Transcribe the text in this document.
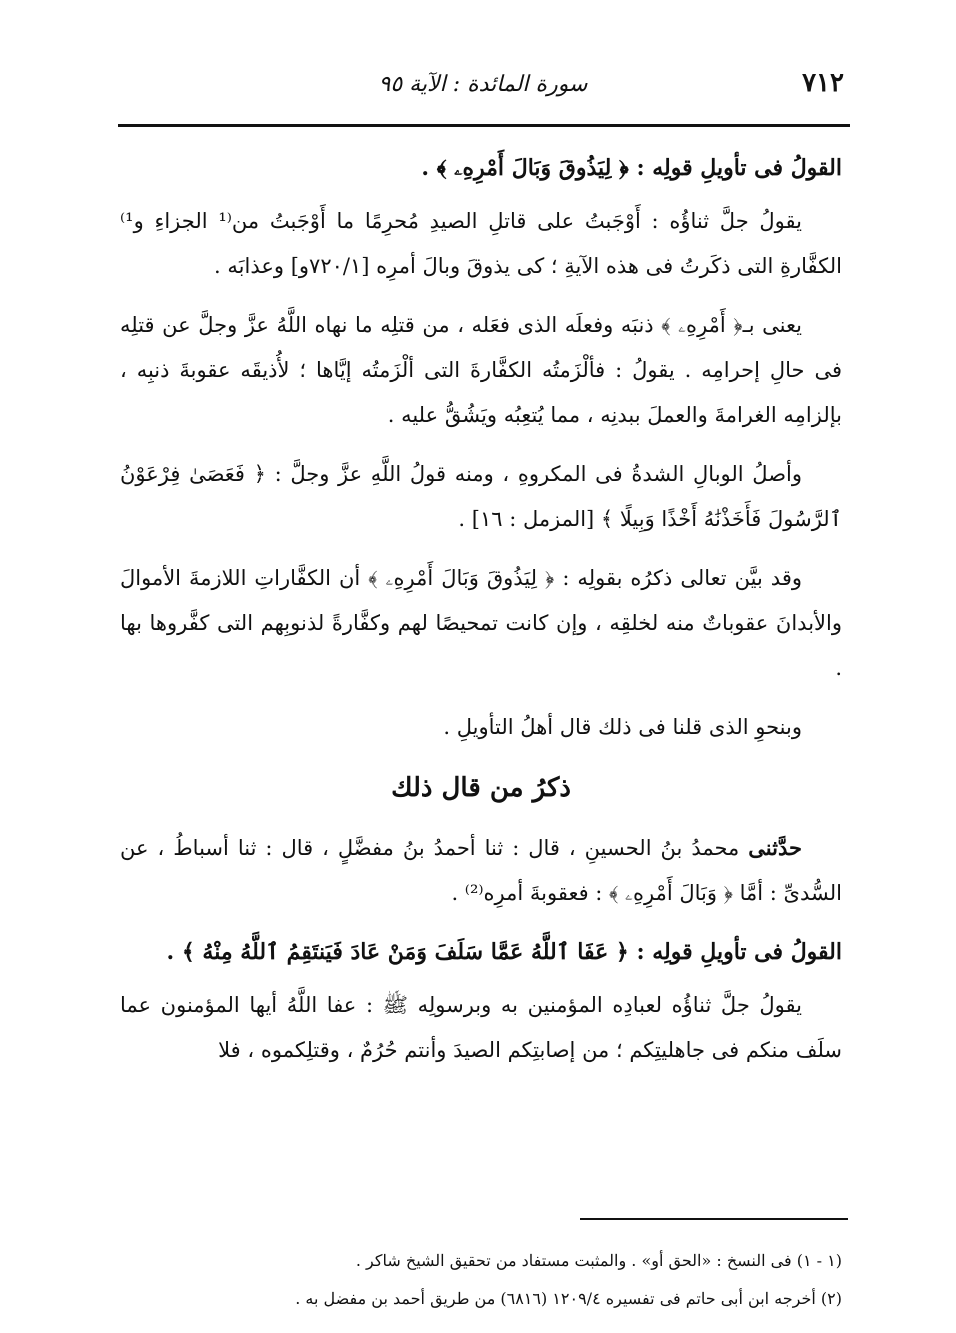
٧١٢
سورة المائدة : الآية ٩٥

القولُ فى تأويلِ قولِه : ﴿ لِيَذُوقَ وَبَالَ أَمْرِهِۦ ﴾ .

يقولُ جلَّ ثناؤُه : أَوْجَبتُ على قاتلِ الصيدِ مُحرِمًا ما أَوْجَبتُ من⁽¹ الجزاءِ و¹⁾الكفَّارةِ التى ذكَرتُ فى هذه الآيةِ ؛ كى يذوقَ وبالَ أمرِه [٧٢٠/١و] وعذابَه .

يعنى بـ﴿ أَمْرِهِۦ ﴾ ذنبَه وفعلَه الذى فعَله ، من قتلِه ما نهاه اللَّهُ عزَّ وجلَّ عن قتلِه فى حالِ إحرامِه . يقولُ : فألْزَمتُه الكفَّارةَ التى ألْزَمتُه إيَّاها ؛ لأُذيقَه عقوبةَ ذنبِه ، بإلزامِه الغرامةَ والعملَ ببدنِه ، مما يُتعِبُه ويَشُقُّ عليه .

وأصلُ الوبالِ الشدةُ فى المكروهِ ، ومنه قولُ اللَّهِ عزَّ وجلَّ : ﴿ فَعَصَىٰ فِرْعَوْنُ ٱلرَّسُولَ فَأَخَذْنَٰهُ أَخْذًا وَبِيلًا ﴾ [المزمل : ١٦] .

وقد بيَّن تعالى ذكرُه بقولِه : ﴿ لِيَذُوقَ وَبَالَ أَمْرِهِۦ ﴾ أن الكفَّاراتِ اللازمةَ الأموالَ والأبدانَ عقوباتٌ منه لخلقِه ، وإن كانت تمحيصًا لهم وكفَّارةً لذنوبِهم التى كفَّروها بها .

وبنحوِ الذى قلنا فى ذلك قال أهلُ التأويلِ .

ذكرُ من قال ذلك

حدَّثنى محمدُ بنُ الحسينِ ، قال : ثنا أحمدُ بنُ مفضَّلٍ ، قال : ثنا أسباطُ ، عن السُّدىِّ : أمَّا ﴿ وَبَالَ أَمْرِهِۦ ﴾ : فعقوبةَ أمرِه⁽²⁾ .

القولُ فى تأويلِ قولِه : ﴿ عَفَا ٱللَّهُ عَمَّا سَلَفَ وَمَنْ عَادَ فَيَنتَقِمُ ٱللَّهُ مِنْهُ ﴾ .

يقولُ جلَّ ثناؤُه لعبادِه المؤمنين به وبرسولِه ﷺ : عفا اللَّهُ أيها المؤمنون عما سلَف منكم فى جاهليتِكم ؛ من إصابتِكم الصيدَ وأنتم حُرُمٌ ، وقتلِكموه ، فلا

(١ - ١) فى النسخ : «الحق أو» . والمثبت مستفاد من تحقيق الشيخ شاكر .

(٢) أخرجه ابن أبى حاتم فى تفسيره ١٢٠٩/٤ (٦٨١٦) من طريق أحمد بن مفضل به .
